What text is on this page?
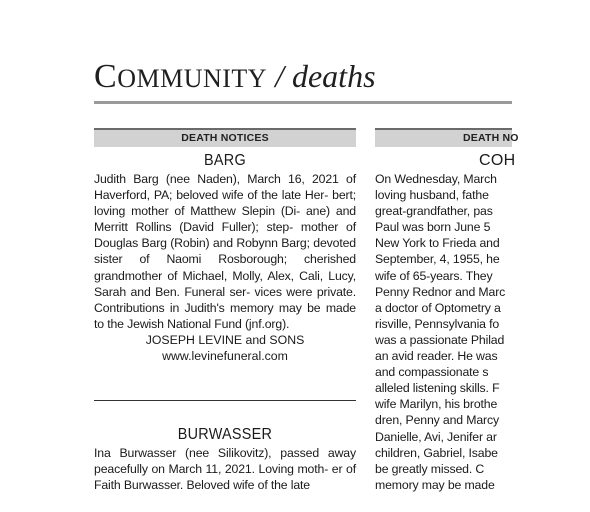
COMMUNITY / deaths
DEATH NOTICES
BARG

Judith Barg (nee Naden), March 16, 2021 of Haverford, PA; beloved wife of the late Her- bert; loving mother of Matthew Slepin (Di- ane) and Merritt Rollins (David Fuller); step- mother of Douglas Barg (Robin) and Robynn Barg; devoted sister of Naomi Rosborough; cherished grandmother of Michael, Molly, Alex, Cali, Lucy, Sarah and Ben. Funeral ser- vices were private. Contributions in Judith's memory may be made to the Jewish National Fund (jnf.org).

JOSEPH LEVINE and SONS

www.levinefuneral.com

BURWASSER

Ina Burwasser (nee Silikovitz), passed away peacefully on March 11, 2021. Loving moth- er of Faith Burwasser. Beloved wife of the late

DEATH NO
COH
On Wednesday, March
loving husband, fathe
great-grandfather, pas
Paul was born June 5
New York to Frieda and
September, 4, 1955, he
wife of 65-years. They
Penny Rednor and Marc
a doctor of Optometry a
risville, Pennsylvania fo
was a passionate Philad
an avid reader. He was
and compassionate s
alleled listening skills. F
wife Marilyn, his brothe
dren, Penny and Marcy
Danielle, Avi, Jenifer ar
children, Gabriel, Isabe
be greatly missed. C
memory may be made
